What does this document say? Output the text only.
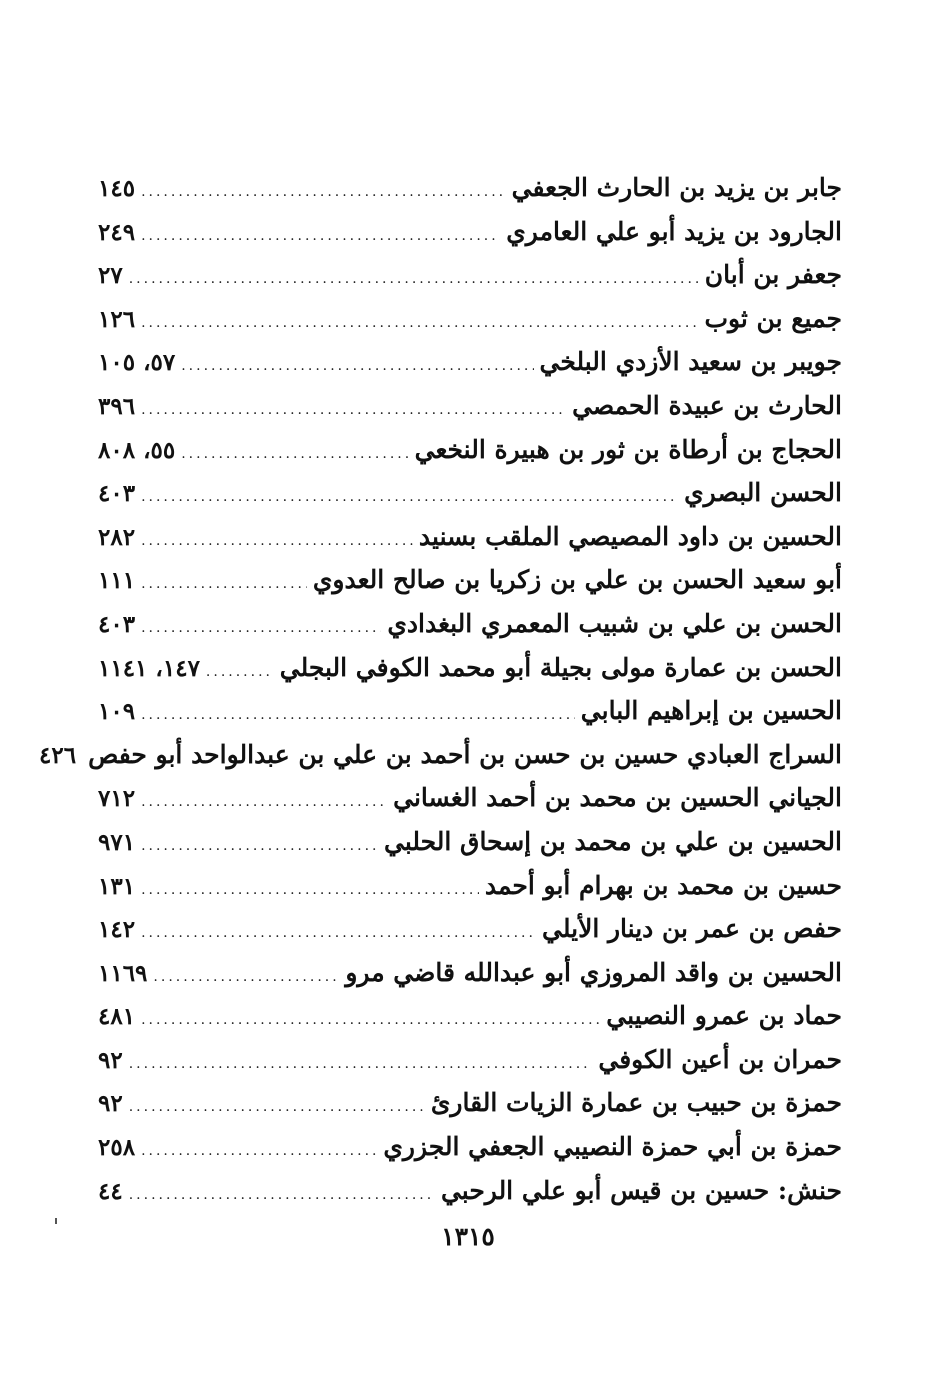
جابر بن يزيد بن الحارث الجعفي
.....
١٤٥
الجارود بن يزيد أبو علي العامري
.....
٢٤٩
جعفر بن أبان
.....
٢٧
جميع بن ثوب
.....
١٢٦
جويبر بن سعيد الأزدي البلخي
.....
٥٧، ١٠٥
الحارث بن عبيدة الحمصي
.....
٣٩٦
الحجاج بن أرطاة بن ثور بن هبيرة النخعي
.....
٥٥، ٨٠٨
الحسن البصري
.....
٤٠٣
الحسين بن داود المصيصي الملقب بسنيد
.....
٢٨٢
أبو سعيد الحسن بن علي بن زكريا بن صالح العدوي
.....
١١١
الحسن بن علي بن شبيب المعمري البغدادي
.....
٤٠٣
الحسن بن عمارة مولى بجيلة أبو محمد الكوفي البجلي
.....
١٤٧، ١١٤١
الحسين بن إبراهيم البابي
.....
١٠٩
السراج العبادي حسين بن حسن بن أحمد بن علي بن عبدالواحد أبو حفص
٤٢٦
الجياني الحسين بن محمد بن أحمد الغساني
.....
٧١٢
الحسين بن علي بن محمد بن إسحاق الحلبي
.....
٩٧١
حسين بن محمد بن بهرام أبو أحمد
.....
١٣١
حفص بن عمر بن دينار الأيلي
.....
١٤٢
الحسين بن واقد المروزي أبو عبدالله قاضي مرو
.....
١١٦٩
حماد بن عمرو النصيبي
.....
٤٨١
حمران بن أعين الكوفي
.....
٩٢
حمزة بن حبيب بن عمارة الزيات القارئ
.....
٩٢
حمزة بن أبي حمزة النصيبي الجعفي الجزري
.....
٢٥٨
حنش: حسين بن قيس أبو علي الرحبي
.....
٤٤
١٣١٥
